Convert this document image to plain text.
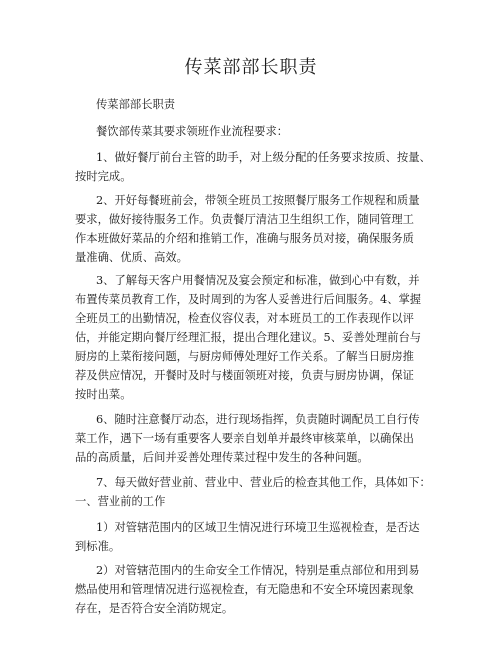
传菜部部长职责
传菜部部长职责
餐饮部传菜其要求领班作业流程要求：
1、做好餐厅前台主管的助手，对上级分配的任务要求按质、按量、
按时完成。
2、开好每餐班前会，带领全班员工按照餐厅服务工作规程和质量
要求，做好接待服务工作。负责餐厅清洁卫生组织工作，随同管理工
作本班做好菜品的介绍和推销工作，准确与服务员对接，确保服务质
量准确、优质、高效。
3、了解每天客户用餐情况及宴会预定和标准，做到心中有数，并
布置传菜员教育工作，及时周到的为客人妥善进行后间服务。4、掌握
全班员工的出勤情况，检查仪容仪表，对本班员工的工作表现作以评
估，并能定期向餐厅经理汇报，提出合理化建议。5、妥善处理前台与
厨房的上菜衔接问题，与厨房师傅处理好工作关系。了解当日厨房推
荐及供应情况，开餐时及时与楼面领班对接，负责与厨房协调，保证
按时出菜。
6、随时注意餐厅动态，进行现场指挥，负责随时调配员工自行传
菜工作，遇下一场有重要客人要亲自划单并最终审核菜单，以确保出
品的高质量，后间并妥善处理传菜过程中发生的各种问题。
7、每天做好营业前、营业中、营业后的检查其他工作，具体如下：
一、营业前的工作
1）对管辖范围内的区域卫生情况进行环境卫生巡视检查，是否达
到标准。
2）对管辖范围内的生命安全工作情况，特别是重点部位和用到易
燃品使用和管理情况进行巡视检查，有无隐患和不安全环境因素现象
存在，是否符合安全消防规定。
